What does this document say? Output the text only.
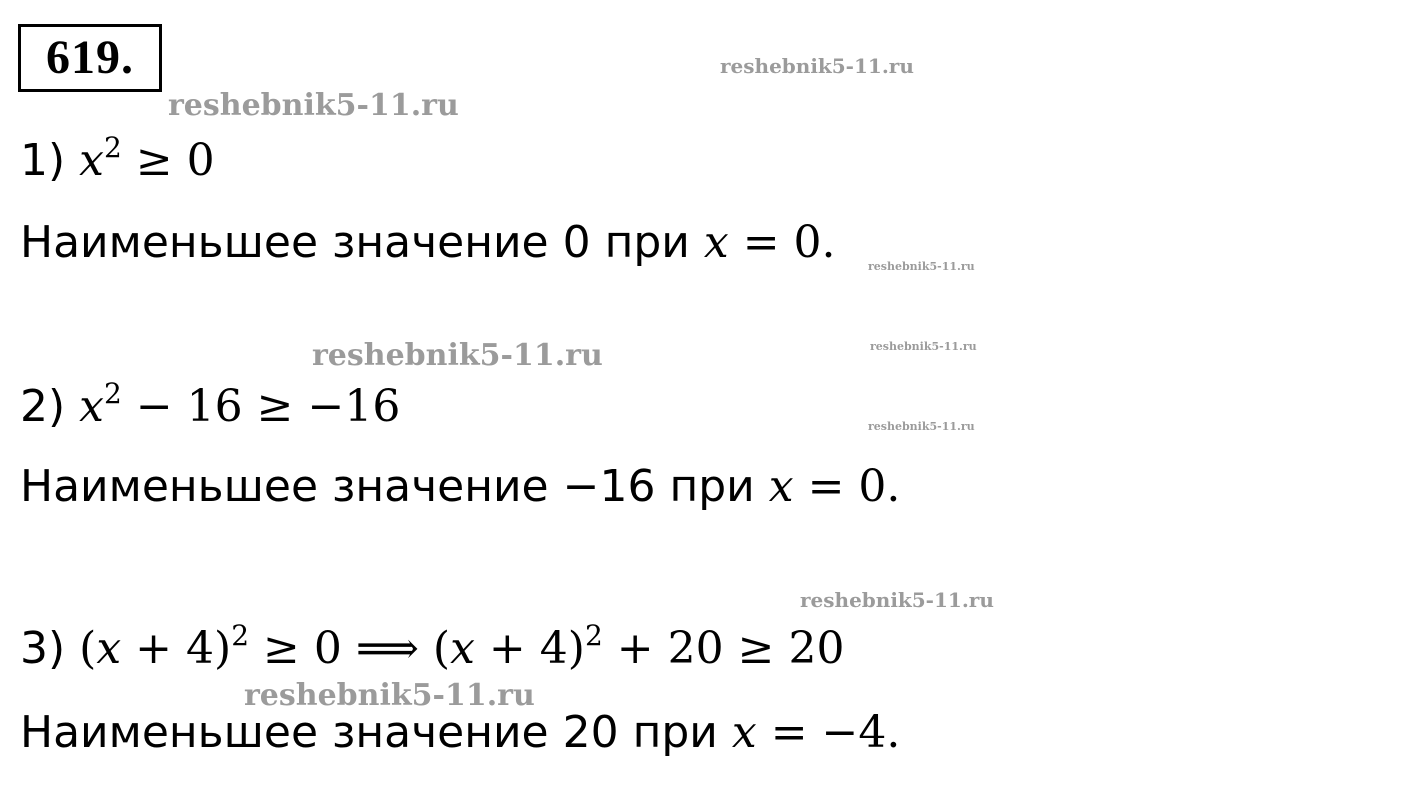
619.	reshebnik5-11.ru
reshebnik5-11.ru
1) $x^2 \ge 0$
Наименьшее значение 0 при x = 0.	reshebnik5-11.ru
reshebnik5-11.ru
reshebnik5-11.ru
2) $x^2 - 16 \ge -16$	reshebnik5-11.ru
Наименьшее значение −16 при x = 0.
reshebnik5-11.ru
3) $(x + 4)^2 \ge 0$ ⟹ $(x + 4)^2 + 20 \ge 20$
reshebnik5-11.ru
Наименьшее значение 20 при x = −4.
